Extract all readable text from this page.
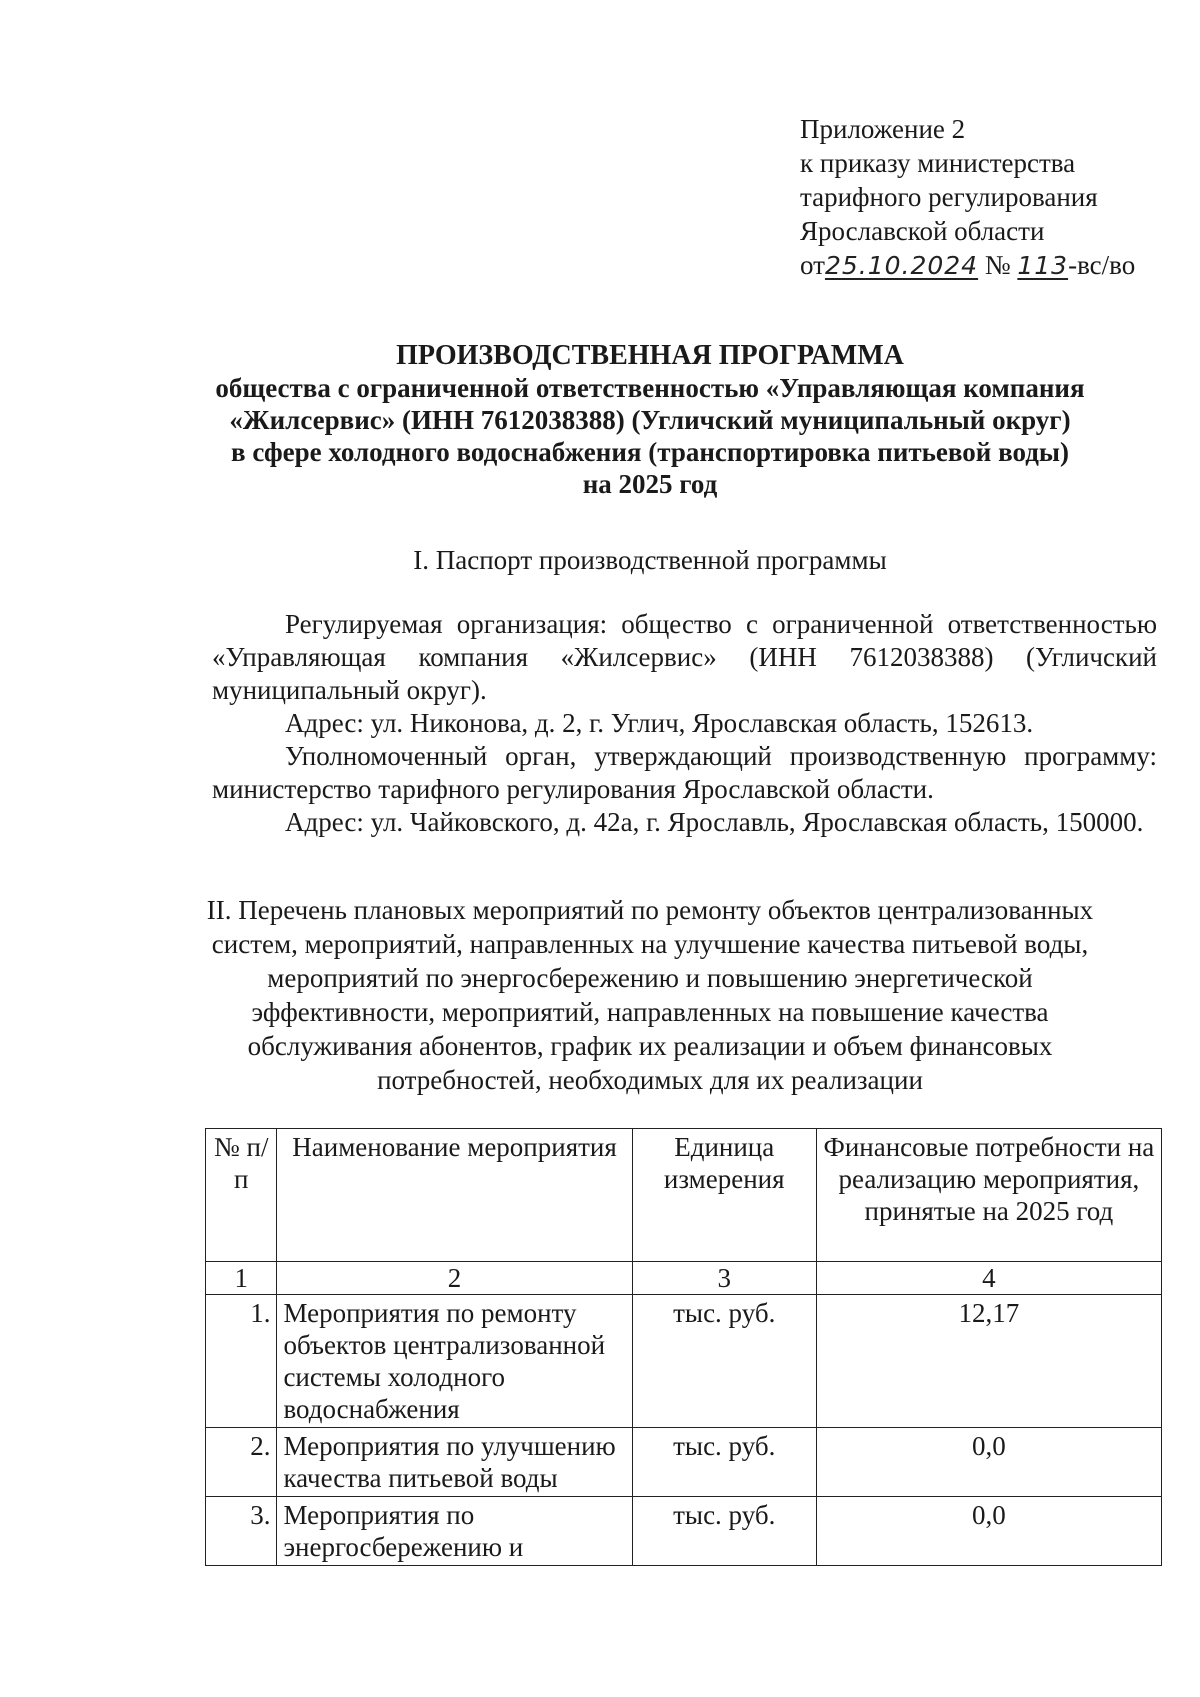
Приложение 2
к приказу министерства
тарифного регулирования
Ярославской области
от25.10.2024 № 113-вс/во
ПРОИЗВОДСТВЕННАЯ ПРОГРАММА
общества с ограниченной ответственностью «Управляющая компания
«Жилсервис» (ИНН 7612038388) (Угличский муниципальный округ)
в сфере холодного водоснабжения (транспортировка питьевой воды)
на 2025 год
I. Паспорт производственной программы

Регулируемая организация: общество с ограниченной ответственностью «Управляющая компания «Жилсервис» (ИНН 7612038388) (Угличский муниципальный округ).

Адрес: ул. Никонова, д. 2, г. Углич, Ярославская область, 152613.

Уполномоченный орган, утверждающий производственную программу: министерство тарифного регулирования Ярославской области.

Адрес: ул. Чайковского, д. 42а, г. Ярославль, Ярославская область, 150000.

II. Перечень плановых мероприятий по ремонту объектов централизованных
систем, мероприятий, направленных на улучшение качества питьевой воды,
мероприятий по энергосбережению и повышению энергетической
эффективности, мероприятий, направленных на повышение качества
обслуживания абонентов, график их реализации и объем финансовых
потребностей, необходимых для их реализации
№ п/п	Наименование мероприятия	Единица измерения	Финансовые потребности на реализацию мероприятия, принятые на 2025 год
1	2	3	4
1.	Мероприятия по ремонту объектов централизованной системы холодного водоснабжения	тыс. руб.	12,17
2.	Мероприятия по улучшению качества питьевой воды	тыс. руб.	0,0
3.	Мероприятия по энергосбережению и	тыс. руб.	0,0
